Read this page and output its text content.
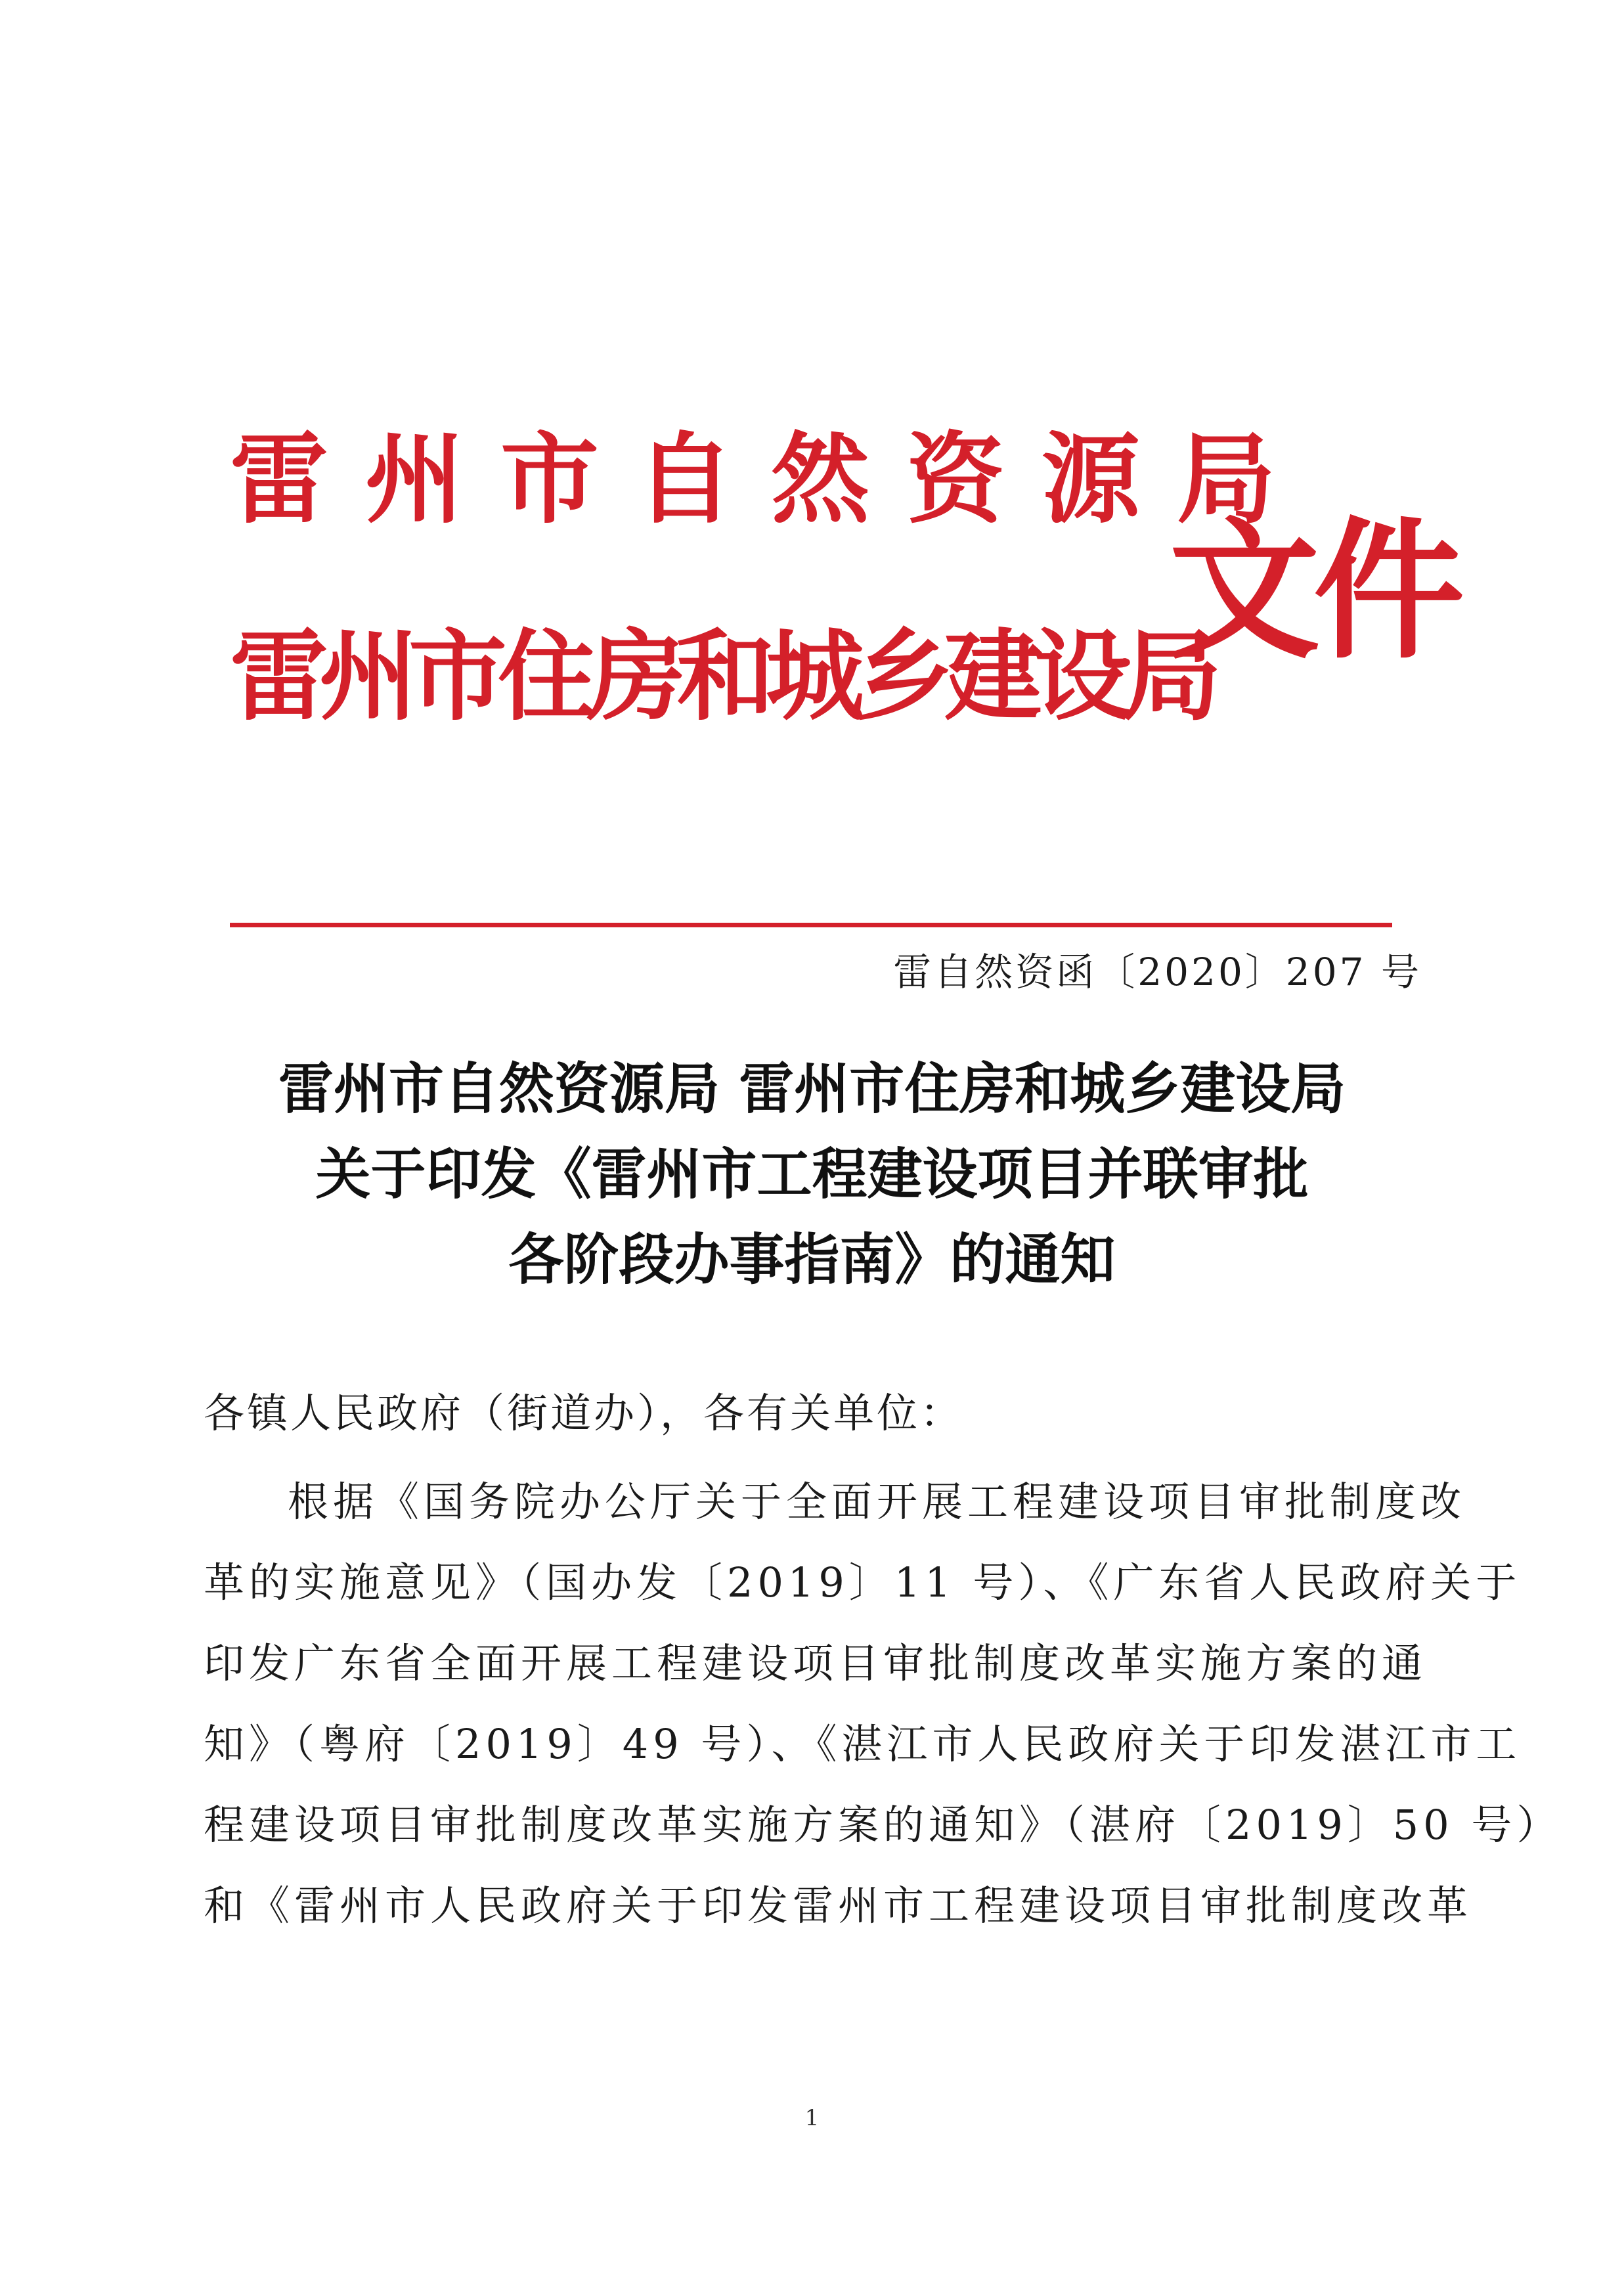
雷州市自然资源局
雷州市住房和城乡建设局
文件
雷自然资函〔2020〕207 号
雷州市自然资源局 雷州市住房和城乡建设局
关于印发《雷州市工程建设项目并联审批
各阶段办事指南》的通知
各镇人民政府（街道办），各有关单位：
根据《国务院办公厅关于全面开展工程建设项目审批制度改
革的实施意见》（国办发〔2019〕11 号）、《广东省人民政府关于
印发广东省全面开展工程建设项目审批制度改革实施方案的通
知》（粤府〔2019〕49 号）、《湛江市人民政府关于印发湛江市工
程建设项目审批制度改革实施方案的通知》（湛府〔2019〕50 号）
和《雷州市人民政府关于印发雷州市工程建设项目审批制度改革
1
